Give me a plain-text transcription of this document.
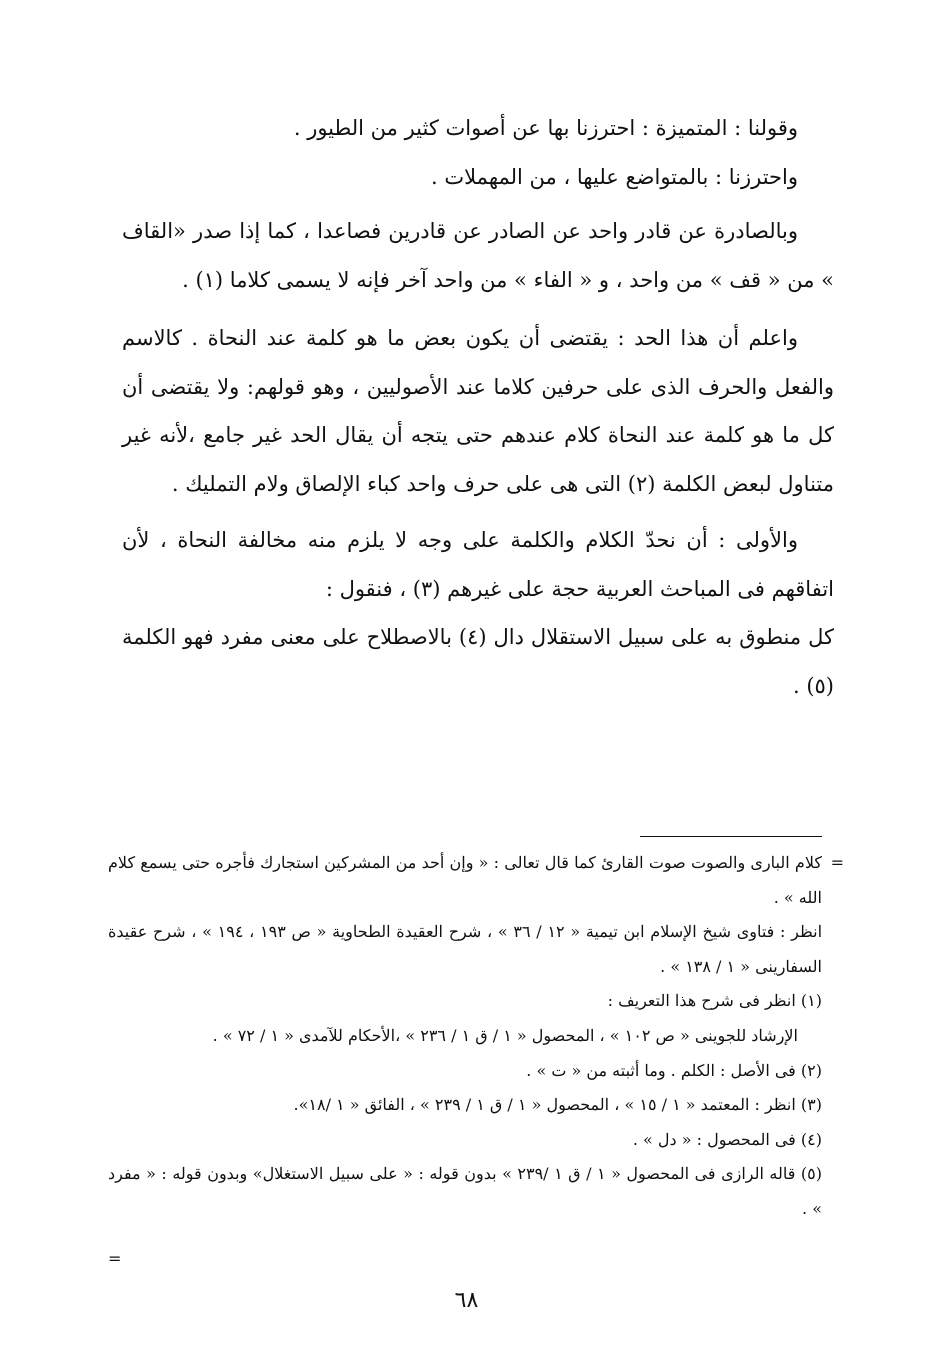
وقولنا : المتميزة : احترزنا بها عن أصوات كثير من الطيور .

واحترزنا : بالمتواضع عليها ، من المهملات .

وبالصادرة عن قادر واحد عن الصادر عن قادرين فصاعدا ، كما إذا صدر «القاف » من « قف » من واحد ، و « الفاء » من واحد آخر فإنه لا يسمى كلاما (١) .

واعلم أن هذا الحد : يقتضى أن يكون بعض ما هو كلمة عند النحاة . كالاسم والفعل والحرف الذى على حرفين كلاما عند الأصوليين ، وهو قولهم: ولا يقتضى أن كل ما هو كلمة عند النحاة كلام عندهم حتى يتجه أن يقال الحد غير جامع ،لأنه غير متناول لبعض الكلمة (٢) التى هى على حرف واحد كباء الإلصاق ولام التمليك .

والأولى : أن نحدّ الكلام والكلمة على وجه لا يلزم منه مخالفة النحاة ، لأن اتفاقهم فى المباحث العربية حجة على غيرهم (٣) ، فنقول :

كل منطوق به على سبيل الاستقلال دال (٤) بالاصطلاح على معنى مفرد فهو الكلمة (٥) .

=

كلام البارى والصوت صوت القارئ كما قال تعالى : « وإن أحد من المشركين استجارك فأجره حتى يسمع كلام الله » .

انظر : فتاوى شيخ الإسلام ابن تيمية « ١٢ / ٣٦ » ، شرح العقيدة الطحاوية « ص ١٩٣ ، ١٩٤ » ، شرح عقيدة السفارينى « ١ / ١٣٨ » .

(١) انظر فى شرح هذا التعريف :

الإرشاد للجوينى « ص ١٠٢ » ، المحصول « ١ / ق ١ / ٢٣٦ » ،الأحكام للآمدى « ١ / ٧٢ » .

(٢) فى الأصل : الكلم . وما أثبته من « ت » .

(٣) انظر : المعتمد « ١ / ١٥ » ، المحصول « ١ / ق ١ / ٢٣٩ » ، الفائق « ١ /١٨».

(٤) فى المحصول : « دل » .

(٥) قاله الرازى فى المحصول « ١ / ق ١ /٢٣٩ » بدون قوله : « على سبيل الاستغلال» وبدون قوله : « مفرد » .

=
٦٨
